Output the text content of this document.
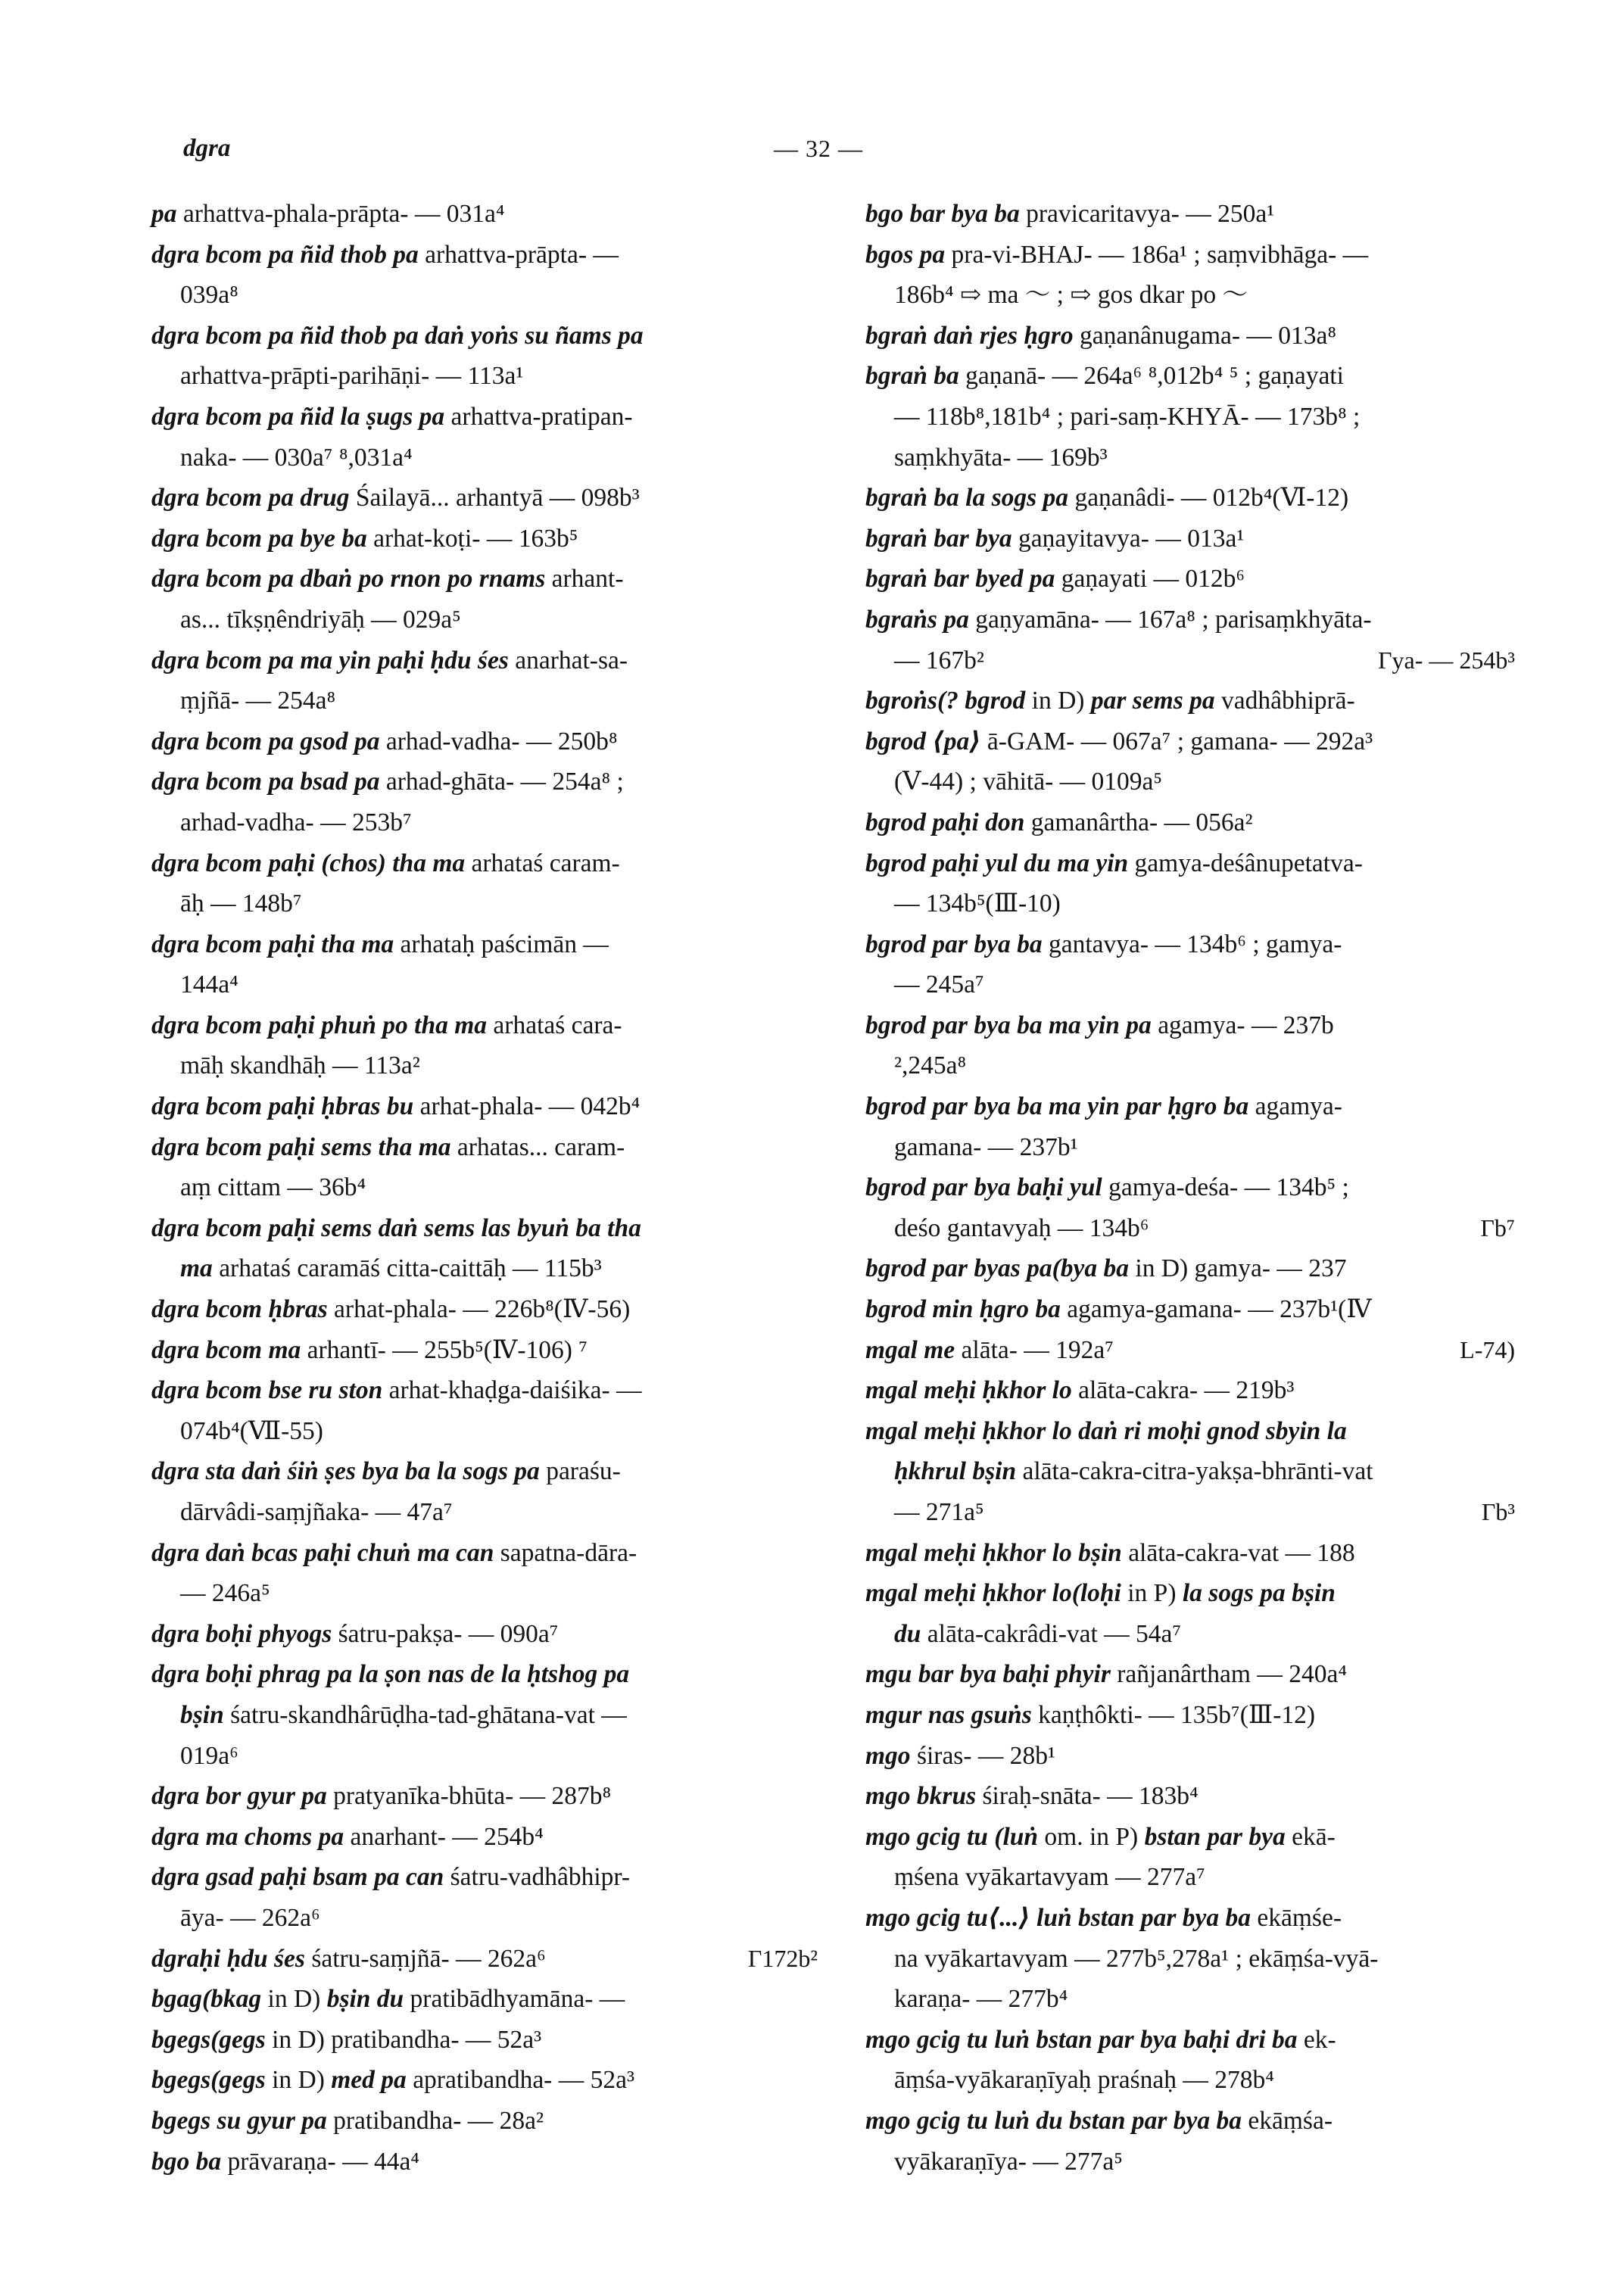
dgra	— 32 —
pa arhattva-phala-prāpta- — 031a⁴
dgra bcom pa ñid thob pa arhattva-prāpta- —
039a⁸
dgra bcom pa ñid thob pa daṅ yoṅs su ñams pa
arhattva-prāpti-parihāṇi- — 113a¹
dgra bcom pa ñid la ṣugs pa arhattva-pratipan-
naka- — 030a⁷ ⁸,031a⁴
dgra bcom pa drug Śailayā... arhantyā — 098b³
dgra bcom pa bye ba arhat-koṭi- — 163b⁵
dgra bcom pa dbaṅ po rnon po rnams arhant-
as... tīkṣṇêndriyāḥ — 029a⁵
dgra bcom pa ma yin paḥi ḥdu śes anarhat-sa-
ṃjñā- — 254a⁸
dgra bcom pa gsod pa arhad-vadha- — 250b⁸
dgra bcom pa bsad pa arhad-ghāta- — 254a⁸ ;
arhad-vadha- — 253b⁷
dgra bcom paḥi (chos) tha ma arhataś caram-
āḥ — 148b⁷
dgra bcom paḥi tha ma arhataḥ paścimān —
144a⁴
dgra bcom paḥi phuṅ po tha ma arhataś cara-
māḥ skandhāḥ — 113a²
dgra bcom paḥi ḥbras bu arhat-phala- — 042b⁴
dgra bcom paḥi sems tha ma arhatas... caram-
aṃ cittam — 36b⁴
dgra bcom paḥi sems daṅ sems las byuṅ ba tha
ma arhataś caramāś citta-caittāḥ — 115b³
dgra bcom ḥbras arhat-phala- — 226b⁸(Ⅳ-56)
dgra bcom ma arhantī- — 255b⁵(Ⅳ-106) ⁷
dgra bcom bse ru ston arhat-khaḍga-daiśika- —
074b⁴(Ⅶ-55)
dgra sta daṅ śiṅ ṣes bya ba la sogs pa paraśu-
dārvâdi-saṃjñaka- — 47a⁷
dgra daṅ bcas paḥi chuṅ ma can sapatna-dāra-
— 246a⁵
dgra boḥi phyogs śatru-pakṣa- — 090a⁷
dgra boḥi phrag pa la ṣon nas de la ḥtshog pa
bṣin śatru-skandhârūḍha-tad-ghātana-vat —
019a⁶
dgra bor gyur pa pratyanīka-bhūta- — 287b⁸
dgra ma choms pa anarhant- — 254b⁴
dgra gsad paḥi bsam pa can śatru-vadhâbhipr-
āya- — 262a⁶
dgraḥi ḥdu śes śatru-saṃjñā- — 262a⁶	Γ172b²
bgag(bkag in D) bṣin du pratibādhyamāna- —
bgegs(gegs in D) pratibandha- — 52a³
bgegs(gegs in D) med pa apratibandha- — 52a³
bgegs su gyur pa pratibandha- — 28a²
bgo ba prāvaraṇa- — 44a⁴
bgo bar bya ba pravicaritavya- — 250a¹
bgos pa pra-vi-BHAJ- — 186a¹ ; saṃvibhāga- —
186b⁴ ⇨ ma ～ ; ⇨ gos dkar po ～
bgraṅ daṅ rjes ḥgro gaṇanânugama- — 013a⁸
bgraṅ ba gaṇanā- — 264a⁶ ⁸,012b⁴ ⁵ ; gaṇayati
— 118b⁸,181b⁴ ; pari-saṃ-KHYĀ- — 173b⁸ ;
saṃkhyāta- — 169b³
bgraṅ ba la sogs pa gaṇanâdi- — 012b⁴(Ⅵ-12)
bgraṅ bar bya gaṇayitavya- — 013a¹
bgraṅ bar byed pa gaṇayati — 012b⁶
bgraṅs pa gaṇyamāna- — 167a⁸ ; parisaṃkhyāta-
— 167b²	Γya- — 254b³
bgroṅs(? bgrod in D) par sems pa vadhâbhiprā-
bgrod ⟨pa⟩ ā-GAM- — 067a⁷ ; gamana- — 292a³
(Ⅴ-44) ; vāhitā- — 0109a⁵
bgrod paḥi don gamanârtha- — 056a²
bgrod paḥi yul du ma yin gamya-deśânupetatva-
— 134b⁵(Ⅲ-10)
bgrod par bya ba gantavya- — 134b⁶ ; gamya-
— 245a⁷
bgrod par bya ba ma yin pa agamya- — 237b
²,245a⁸
bgrod par bya ba ma yin par ḥgro ba agamya-
gamana- — 237b¹
bgrod par bya baḥi yul gamya-deśa- — 134b⁵ ;
deśo gantavyaḥ — 134b⁶	Γb⁷
bgrod par byas pa(bya ba in D) gamya- — 237
bgrod min ḥgro ba agamya-gamana- — 237b¹(Ⅳ
mgal me alāta- — 192a⁷	L-74)
mgal meḥi ḥkhor lo alāta-cakra- — 219b³
mgal meḥi ḥkhor lo daṅ ri moḥi gnod sbyin la
ḥkhrul bṣin alāta-cakra-citra-yakṣa-bhrānti-vat
— 271a⁵	Γb³
mgal meḥi ḥkhor lo bṣin alāta-cakra-vat — 188
mgal meḥi ḥkhor lo(loḥi in P) la sogs pa bṣin
du alāta-cakrâdi-vat — 54a⁷
mgu bar bya baḥi phyir rañjanârtham — 240a⁴
mgur nas gsuṅs kaṇṭhôkti- — 135b⁷(Ⅲ-12)
mgo śiras- — 28b¹
mgo bkrus śiraḥ-snāta- — 183b⁴
mgo gcig tu (luṅ om. in P) bstan par bya ekā-
ṃśena vyākartavyam — 277a⁷
mgo gcig tu⟨...⟩ luṅ bstan par bya ba ekāṃśe-
na vyākartavyam — 277b⁵,278a¹ ; ekāṃśa-vyā-
karaṇa- — 277b⁴
mgo gcig tu luṅ bstan par bya baḥi dri ba ek-
āṃśa-vyākaraṇīyaḥ praśnaḥ — 278b⁴
mgo gcig tu luṅ du bstan par bya ba ekāṃśa-
vyākaraṇīya- — 277a⁵
